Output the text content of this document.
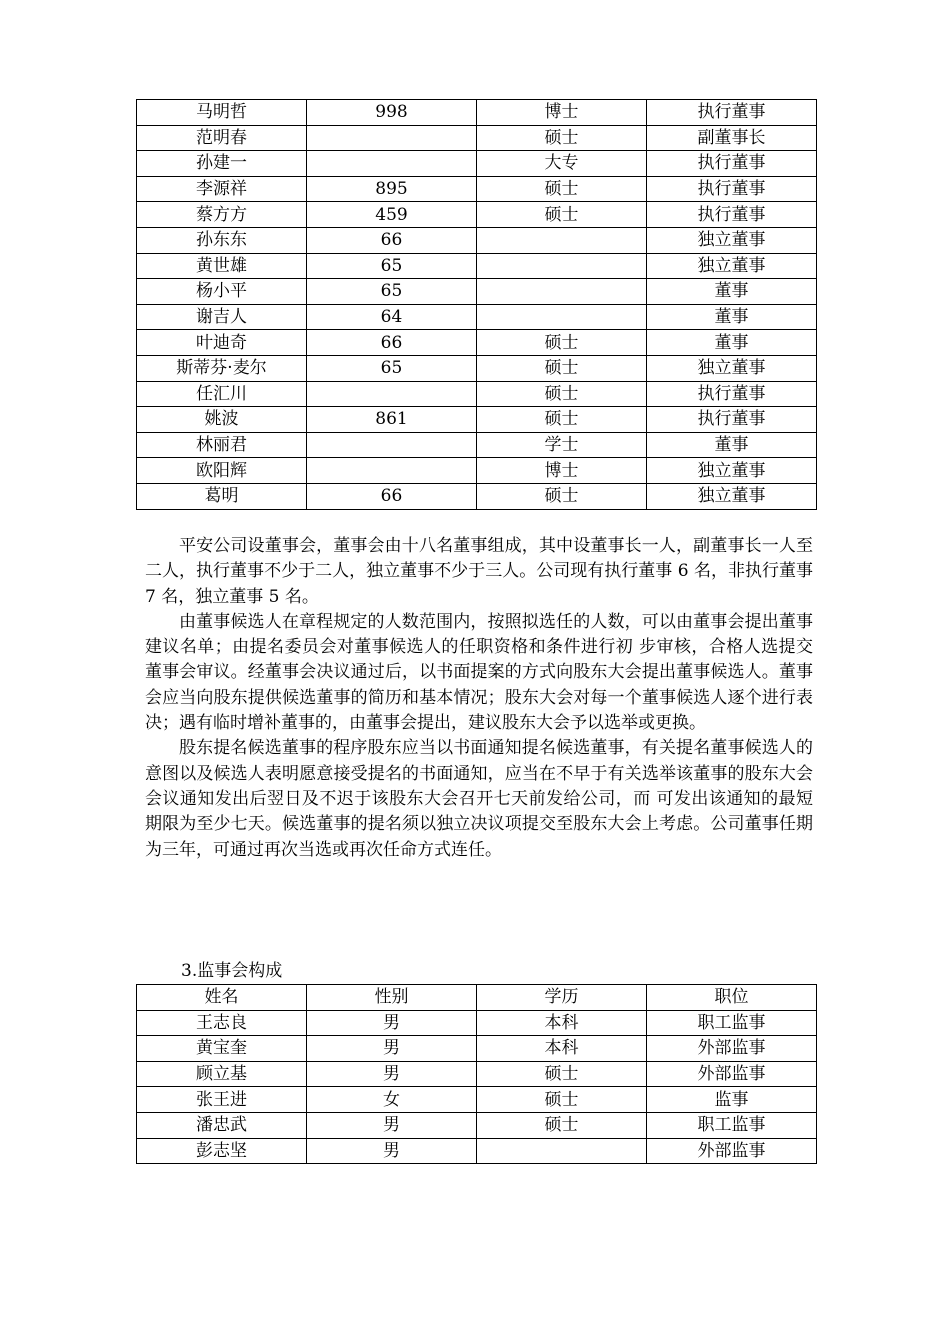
马明哲	998	博士	执行董事
范明春		硕士	副董事长
孙建一		大专	执行董事
李源祥	895	硕士	执行董事
蔡方方	459	硕士	执行董事
孙东东	66		独立董事
黄世雄	65		独立董事
杨小平	65		董事
谢吉人	64		董事
叶迪奇	66	硕士	董事
斯蒂芬·麦尔	65	硕士	独立董事
任汇川		硕士	执行董事
姚波	861	硕士	执行董事
林丽君		学士	董事
欧阳辉		博士	独立董事
葛明	66	硕士	独立董事

平安公司设董事会，董事会由十八名董事组成，其中设董事长一人，副董事长一人至二人，执行董事不少于二人，独立董事不少于三人。公司现有执行董事 6 名，非执行董事 7 名，独立董事 5 名。

由董事候选人在章程规定的人数范围内，按照拟选任的人数，可以由董事会提出董事建议名单；由提名委员会对董事候选人的任职资格和条件进行初 步审核，合格人选提交董事会审议。经董事会决议通过后，以书面提案的方式向股东大会提出董事候选人。董事会应当向股东提供候选董事的简历和基本情况；股东大会对每一个董事候选人逐个进行表决；遇有临时增补董事的，由董事会提出，建议股东大会予以选举或更换。

股东提名候选董事的程序股东应当以书面通知提名候选董事，有关提名董事候选人的意图以及候选人表明愿意接受提名的书面通知，应当在不早于有关选举该董事的股东大会会议通知发出后翌日及不迟于该股东大会召开七天前发给公司，而 可发出该通知的最短期限为至少七天。候选董事的提名须以独立决议项提交至股东大会上考虑。公司董事任期为三年，可通过再次当选或再次任命方式连任。

3.监事会构成
姓名	性别	学历	职位
王志良	男	本科	职工监事
黄宝奎	男	本科	外部监事
顾立基	男	硕士	外部监事
张王进	女	硕士	监事
潘忠武	男	硕士	职工监事
彭志坚	男		外部监事
